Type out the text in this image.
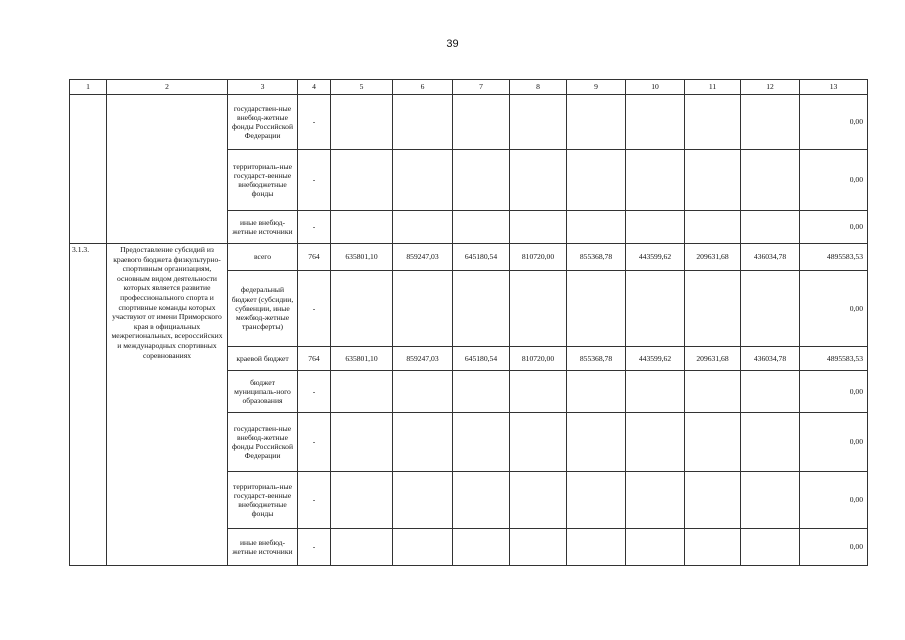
39
1	2	3	4	5	6	7	8	9	10	11	12	13
		государствен-ные внебюд-жетные фонды Российской Федерации	-									0,00
		территориаль-ные государст-венные внебюджетные фонды	-									0,00
		иные внебюд-жетные источники	-									0,00
3.1.3.	Предоставление субсидий из краевого бюджета физкультурно-спортивным организациям, основным видом деятельности которых является развитие профессионального спорта и спортивные команды которых участвуют от имени Приморского края в официальных межрегиональных, всероссийских и международных спортивных соревнованиях	всего	764	635801,10	859247,03	645180,54	810720,00	855368,78	443599,62	209631,68	436034,78	4895583,53
		федеральный бюджет (субсидии, субвенции, иные межбюд-жетные трансферты)	-									0,00
		краевой бюджет	764	635801,10	859247,03	645180,54	810720,00	855368,78	443599,62	209631,68	436034,78	4895583,53
		бюджет муниципаль-ного образования	-									0,00
		государствен-ные внебюд-жетные фонды Российской Федерации	-									0,00
		территориаль-ные государст-венные внебюджетные фонды	-									0,00
		иные внебюд-жетные источники	-									0,00
